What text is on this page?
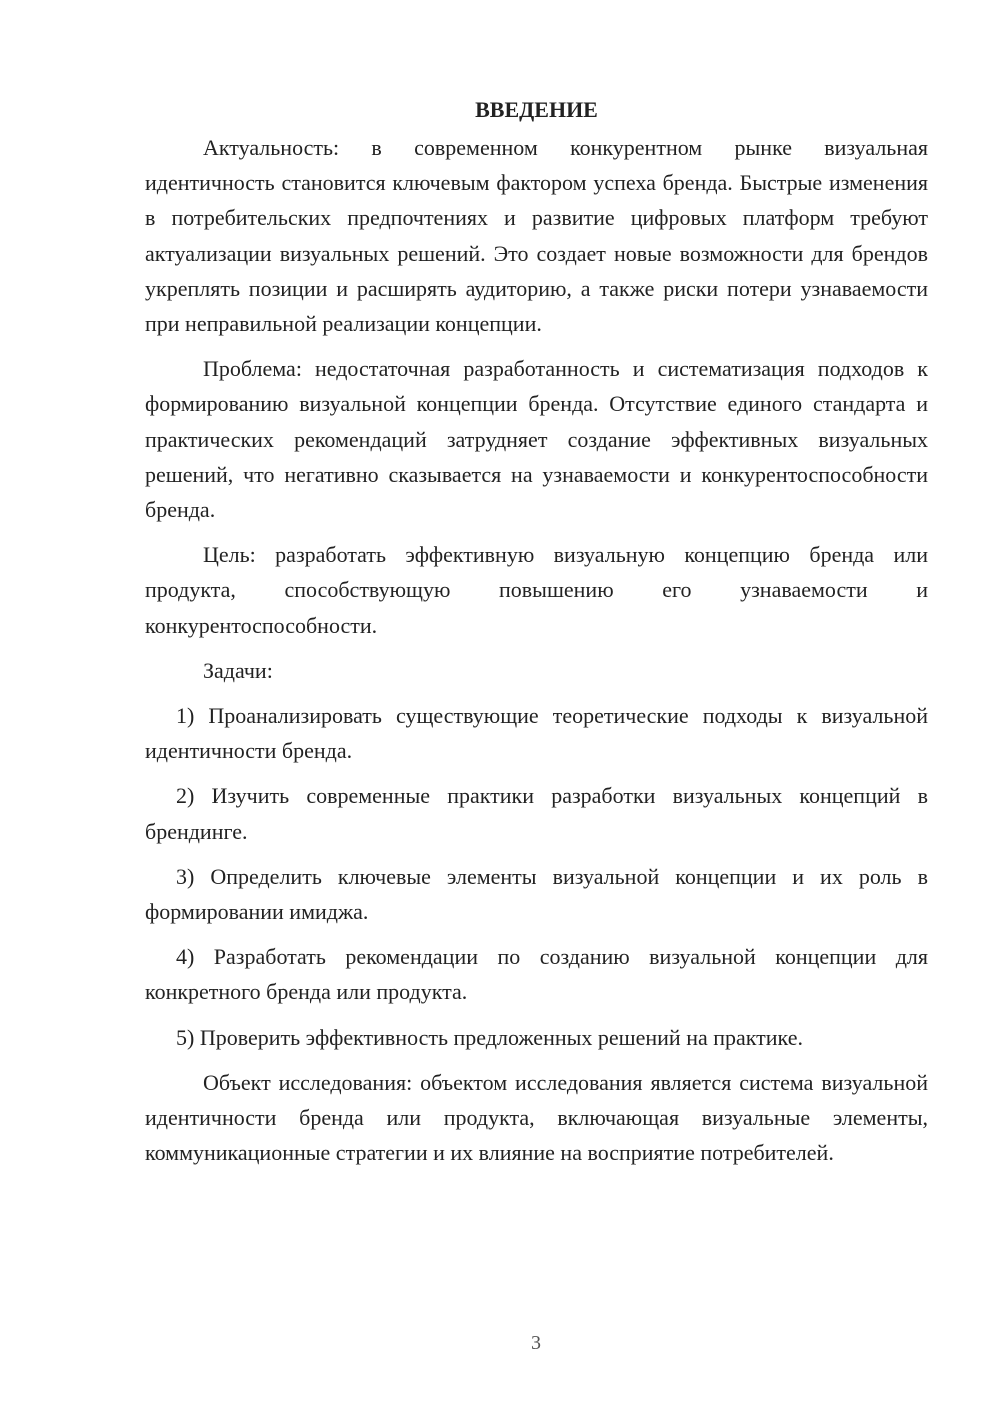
ВВЕДЕНИЕ

Актуальность: в современном конкурентном рынке визуальная идентичность становится ключевым фактором успеха бренда. Быстрые изменения в потребительских предпочтениях и развитие цифровых платформ требуют актуализации визуальных решений. Это создает новые возможности для брендов укреплять позиции и расширять аудиторию, а также риски потери узнаваемости при неправильной реализации концепции.

Проблема: недостаточная разработанность и систематизация подходов к формированию визуальной концепции бренда. Отсутствие единого стандарта и практических рекомендаций затрудняет создание эффективных визуальных решений, что негативно сказывается на узнаваемости и конкурентоспособности бренда.

Цель: разработать эффективную визуальную концепцию бренда или продукта, способствующую повышению его узнаваемости и конкурентоспособности.

Задачи:

1) Проанализировать существующие теоретические подходы к визуальной идентичности бренда.

2) Изучить современные практики разработки визуальных концепций в брендинге.

3) Определить ключевые элементы визуальной концепции и их роль в формировании имиджа.

4) Разработать рекомендации по созданию визуальной концепции для конкретного бренда или продукта.

5) Проверить эффективность предложенных решений на практике.

Объект исследования: объектом исследования является система визуальной идентичности бренда или продукта, включающая визуальные элементы, коммуникационные стратегии и их влияние на восприятие потребителей.

3
